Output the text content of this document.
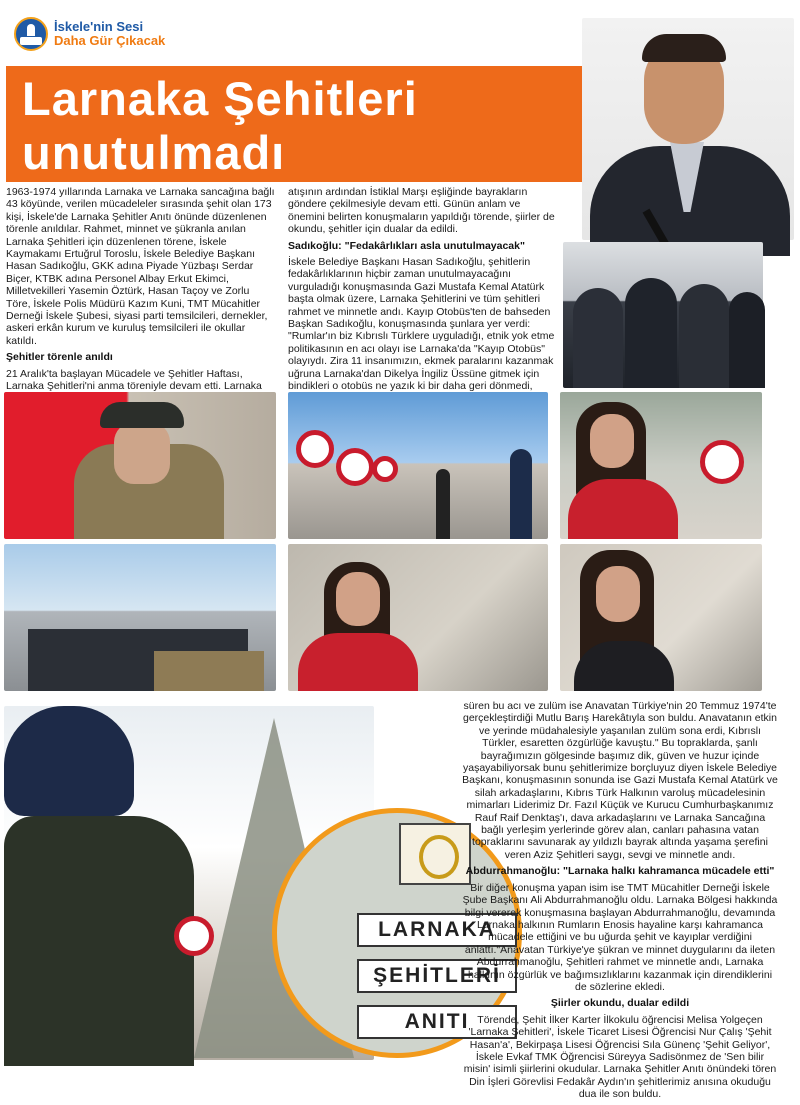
İskele'nin Sesi
Daha Gür Çıkacak
Larnaka Şehitleri
unutulmadı

1963-1974 yıllarında Larnaka ve Larnaka sancağına bağlı 43 köyünde, verilen mücadeleler sırasında şehit olan 173 kişi, İskele'de Larnaka Şehitler Anıtı önünde düzenlenen törenle anıldılar. Rahmet, minnet ve şükranla anılan Larnaka Şehitleri için düzenlenen törene, İskele Kaymakamı Ertuğrul Toroslu, İskele Belediye Başkanı Hasan Sadıkoğlu, GKK adına Piyade Yüzbaşı Serdar Biçer, KTBK adına Personel Albay Erkut Ekimci, Milletvekilleri Yasemin Öztürk, Hasan Taçoy ve Zorlu Töre, İskele Polis Müdürü Kazım Kuni, TMT Mücahitler Derneği İskele Şubesi, siyasi parti temsilcileri, dernekler, askeri erkân kurum ve kuruluş temsilcileri ile okullar katıldı.

Şehitler törenle anıldı

21 Aralık'ta başlayan Mücadele ve Şehitler Haftası, Larnaka Şehitleri'ni anma töreniyle devam etti. Larnaka

atışının ardından İstiklal Marşı eşliğinde bayrakların gönderе çekilmesiyle devam etti. Günün anlam ve önemini belirten konuşmaların yapıldığı törende, şiirler de okundu, şehitler için dualar da edildi.

Sadıkoğlu: "Fedakârlıkları asla unutulmayacak"

İskele Belediye Başkanı Hasan Sadıkoğlu, şehitlerin fedakârlıklarının hiçbir zaman unutulmayacağını vurguladığı konuşmasında Gazi Mustafa Kemal Atatürk başta olmak üzere, Larnaka Şehitlerini ve tüm şehitleri rahmet ve minnetle andı. Kayıp Otobüs'ten de bahseden Başkan Sadıkoğlu, konuşmasında şunlara yer verdi: "Rumlar'ın biz Kıbrıslı Türklere uyguladığı, etnik yok etme politikasının en acı olayı ise Larnaka'da "Kayıp Otobüs" olayıydı. Zira 11 insanımızın, ekmek paralarını kazanmak uğruna Larnaka'dan Dikelya İngiliz Üssüne gitmek için bindikleri o otobüs ne yazık ki bir daha geri dönmedi,

LARNAKA
ŞEHİTLERİ
ANITI

süren bu acı ve zulüm ise Anavatan Türkiye'nin 20 Temmuz 1974'te gerçekleştirdiği Mutlu Barış Harekâtıyla son buldu. Anavatanın etkin ve yerinde müdahalesiyle yaşanılan zulüm sona erdi, Kıbrıslı Türkler, esaretten özgürlüğe kavuştu." Bu topraklarda, şanlı bayrağımızın gölgesinde başımız dik, güven ve huzur içinde yaşayabiliyorsak bunu şehitlerimize borçluyuz diyen İskele Belediye Başkanı, konuşmasının sonunda ise Gazi Mustafa Kemal Atatürk ve silah arkadaşlarını, Kıbrıs Türk Halkının varoluş mücadelesinin mimarları Liderimiz Dr. Fazıl Küçük ve Kurucu Cumhurbaşkanımız Rauf Raif Denktaş'ı, dava arkadaşlarını ve Larnaka Sancağına bağlı yerleşim yerlerinde görev alan, canları pahasına vatan topraklarını savunarak ay yıldızlı bayrak altında yaşama şerefini veren Aziz Şehitleri saygı, sevgi ve minnetle andı.

Abdurrahmanoğlu: "Larnaka halkı kahramanca mücadele etti"

Bir diğer konuşma yapan isim ise TMT Mücahitler Derneği İskele Şube Başkanı Ali Abdurrahmanoğlu oldu. Larnaka Bölgesi hakkında bilgi vererek konuşmasına başlayan Abdurrahmanoğlu, devamında Larnaka halkının Rumların Enosis hayaline karşı kahramanca mücadele ettiğini ve bu uğurda şehit ve kayıplar verdiğini anlattı."Anavatan Türkiye'ye şükran ve minnet duygularını da ileten Abdurrahmanoğlu, Şehitleri rahmet ve minnetle andı, Larnaka halkının özgürlük ve bağımsızlıklarını kazanmak için direndiklerini de sözlerine ekledi.

Şiirler okundu, dualar edildi

Törende, Şehit İlker Karter İlkokulu öğrencisi Melisa Yolgeçen 'Larnaka Şehitleri', İskele Ticaret Lisesi Öğrencisi Nur Çalış 'Şehit Hasan'a', Bekirpaşa Lisesi Öğrencisi Sıla Günenç 'Şehit Geliyor', İskele Evkaf TMK Öğrencisi Süreyya Sadisönmez de 'Sen bilir misin' isimli şiirlerini okudular. Larnaka Şehitler Anıtı önündeki tören Din İşleri Görevlisi Fedakâr Aydın'ın şehitlerimiz anısına okuduğu dua ile son buldu.
